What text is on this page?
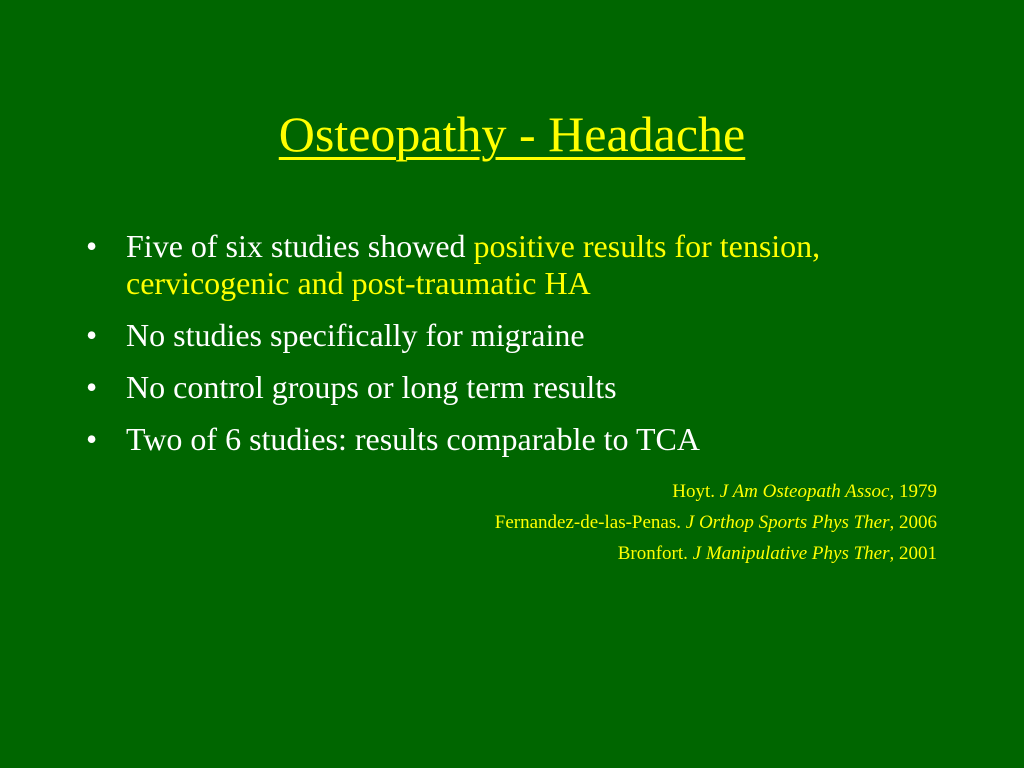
Osteopathy - Headache
• Five of six studies showed positive results for tension, cervicogenic and post-traumatic HA
• No studies specifically for migraine
• No control groups or long term results
• Two of 6 studies: results comparable to TCA
Hoyt. J Am Osteopath Assoc, 1979
Fernandez-de-las-Penas. J Orthop Sports Phys Ther, 2006
Bronfort. J Manipulative Phys Ther, 2001
